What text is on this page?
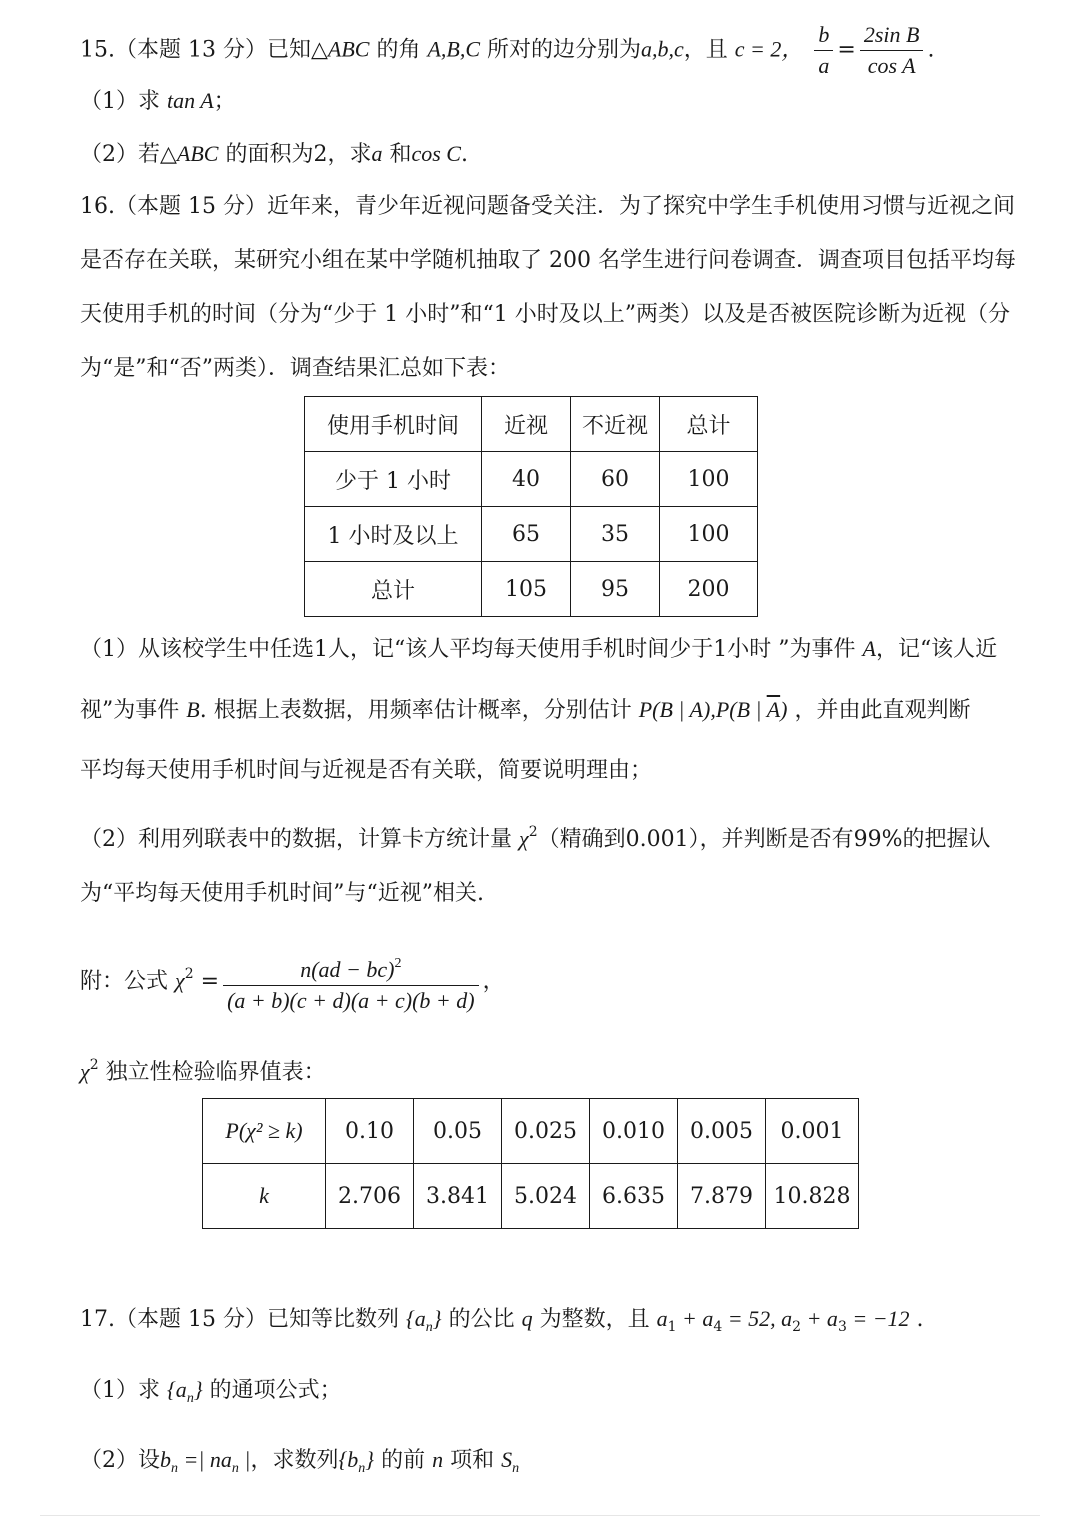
15.（本题 13 分）已知△ABC 的角 A,B,C 所对的边分别为a,b,c，且 c = 2， $\frac{b}{a} = \frac{\text{2sin B}}{\text{cos A}}$ .
（1）求 tan A；
（2）若△ABC 的面积为2，求a 和cos C.
16.（本题 15 分）近年来，青少年近视问题备受关注．为了探究中学生手机使用习惯与近视之间
是否存在关联，某研究小组在某中学随机抽取了 200 名学生进行问卷调查．调查项目包括平均每
天使用手机的时间（分为“少于 1 小时”和“1 小时及以上”两类）以及是否被医院诊断为近视（分
为“是”和“否”两类）．调查结果汇总如下表：
使用手机时间	近视	不近视	总计
少于 1 小时	40	60	100
1 小时及以上	65	35	100
总计	105	95	200
（1）从该校学生中任选1人，记“该人平均每天使用手机时间少于1小时 ”为事件 A，记“该人近
视”为事件 B. 根据上表数据，用频率估计概率，分别估计 P(B | A),P(B | $\overline{A}$) ，并由此直观判断
平均每天使用手机时间与近视是否有关联，简要说明理由；
（2）利用列联表中的数据，计算卡方统计量 $\chi^2$（精确到0.001），并判断是否有99%的把握认
为“平均每天使用手机时间”与“近视”相关.
附：公式 $\chi^2 = \frac{n(ad - bc)^2}{(a + b)(c + d)(a + c)(b + d)}$ ，
$\chi^2$ 独立性检验临界值表：
P(χ² ≥ k)	0.10	0.05	0.025	0.010	0.005	0.001
k	2.706	3.841	5.024	6.635	7.879	10.828
17.（本题 15 分）已知等比数列 $\{a_n\}$ 的公比 q 为整数，且 $a_1 + a_4 = 52$, $a_2 + a_3 = -12$ .
（1）求 $\{a_n\}$ 的通项公式；
（2）设$b_n$ =| $na_n$ |，求数列$\{b_n\}$ 的前 n 项和 $S_n$
